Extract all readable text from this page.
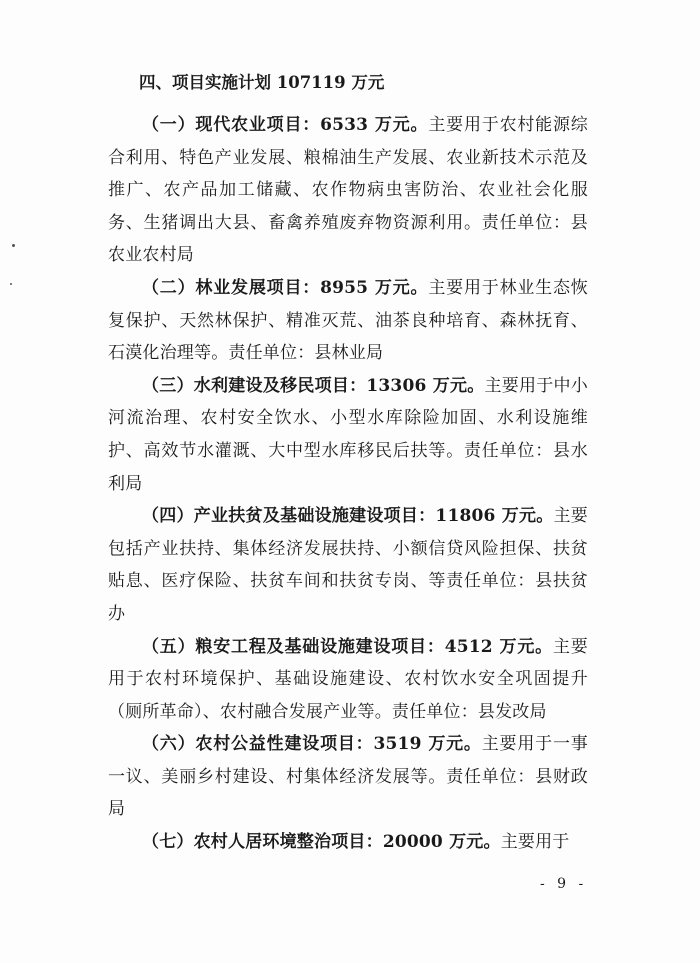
四、项目实施计划 107119 万元

（一）现代农业项目：6533 万元。主要用于农村能源综合利用、特色产业发展、粮棉油生产发展、农业新技术示范及推广、农产品加工储藏、农作物病虫害防治、农业社会化服务、生猪调出大县、畜禽养殖废弃物资源利用。责任单位：县农业农村局

（二）林业发展项目：8955 万元。主要用于林业生态恢复保护、天然林保护、精准灭荒、油茶良种培育、森林抚育、石漠化治理等。责任单位：县林业局

（三）水利建设及移民项目：13306 万元。主要用于中小河流治理、农村安全饮水、小型水库除险加固、水利设施维护、高效节水灌溉、大中型水库移民后扶等。责任单位：县水利局

（四）产业扶贫及基础设施建设项目：11806 万元。主要包括产业扶持、集体经济发展扶持、小额信贷风险担保、扶贫贴息、医疗保险、扶贫车间和扶贫专岗、等责任单位：县扶贫办

（五）粮安工程及基础设施建设项目：4512 万元。主要用于农村环境保护、基础设施建设、农村饮水安全巩固提升（厕所革命）、农村融合发展产业等。责任单位：县发改局

（六）农村公益性建设项目：3519 万元。主要用于一事一议、美丽乡村建设、村集体经济发展等。责任单位：县财政局

（七）农村人居环境整治项目：20000 万元。主要用于

- 9 -
